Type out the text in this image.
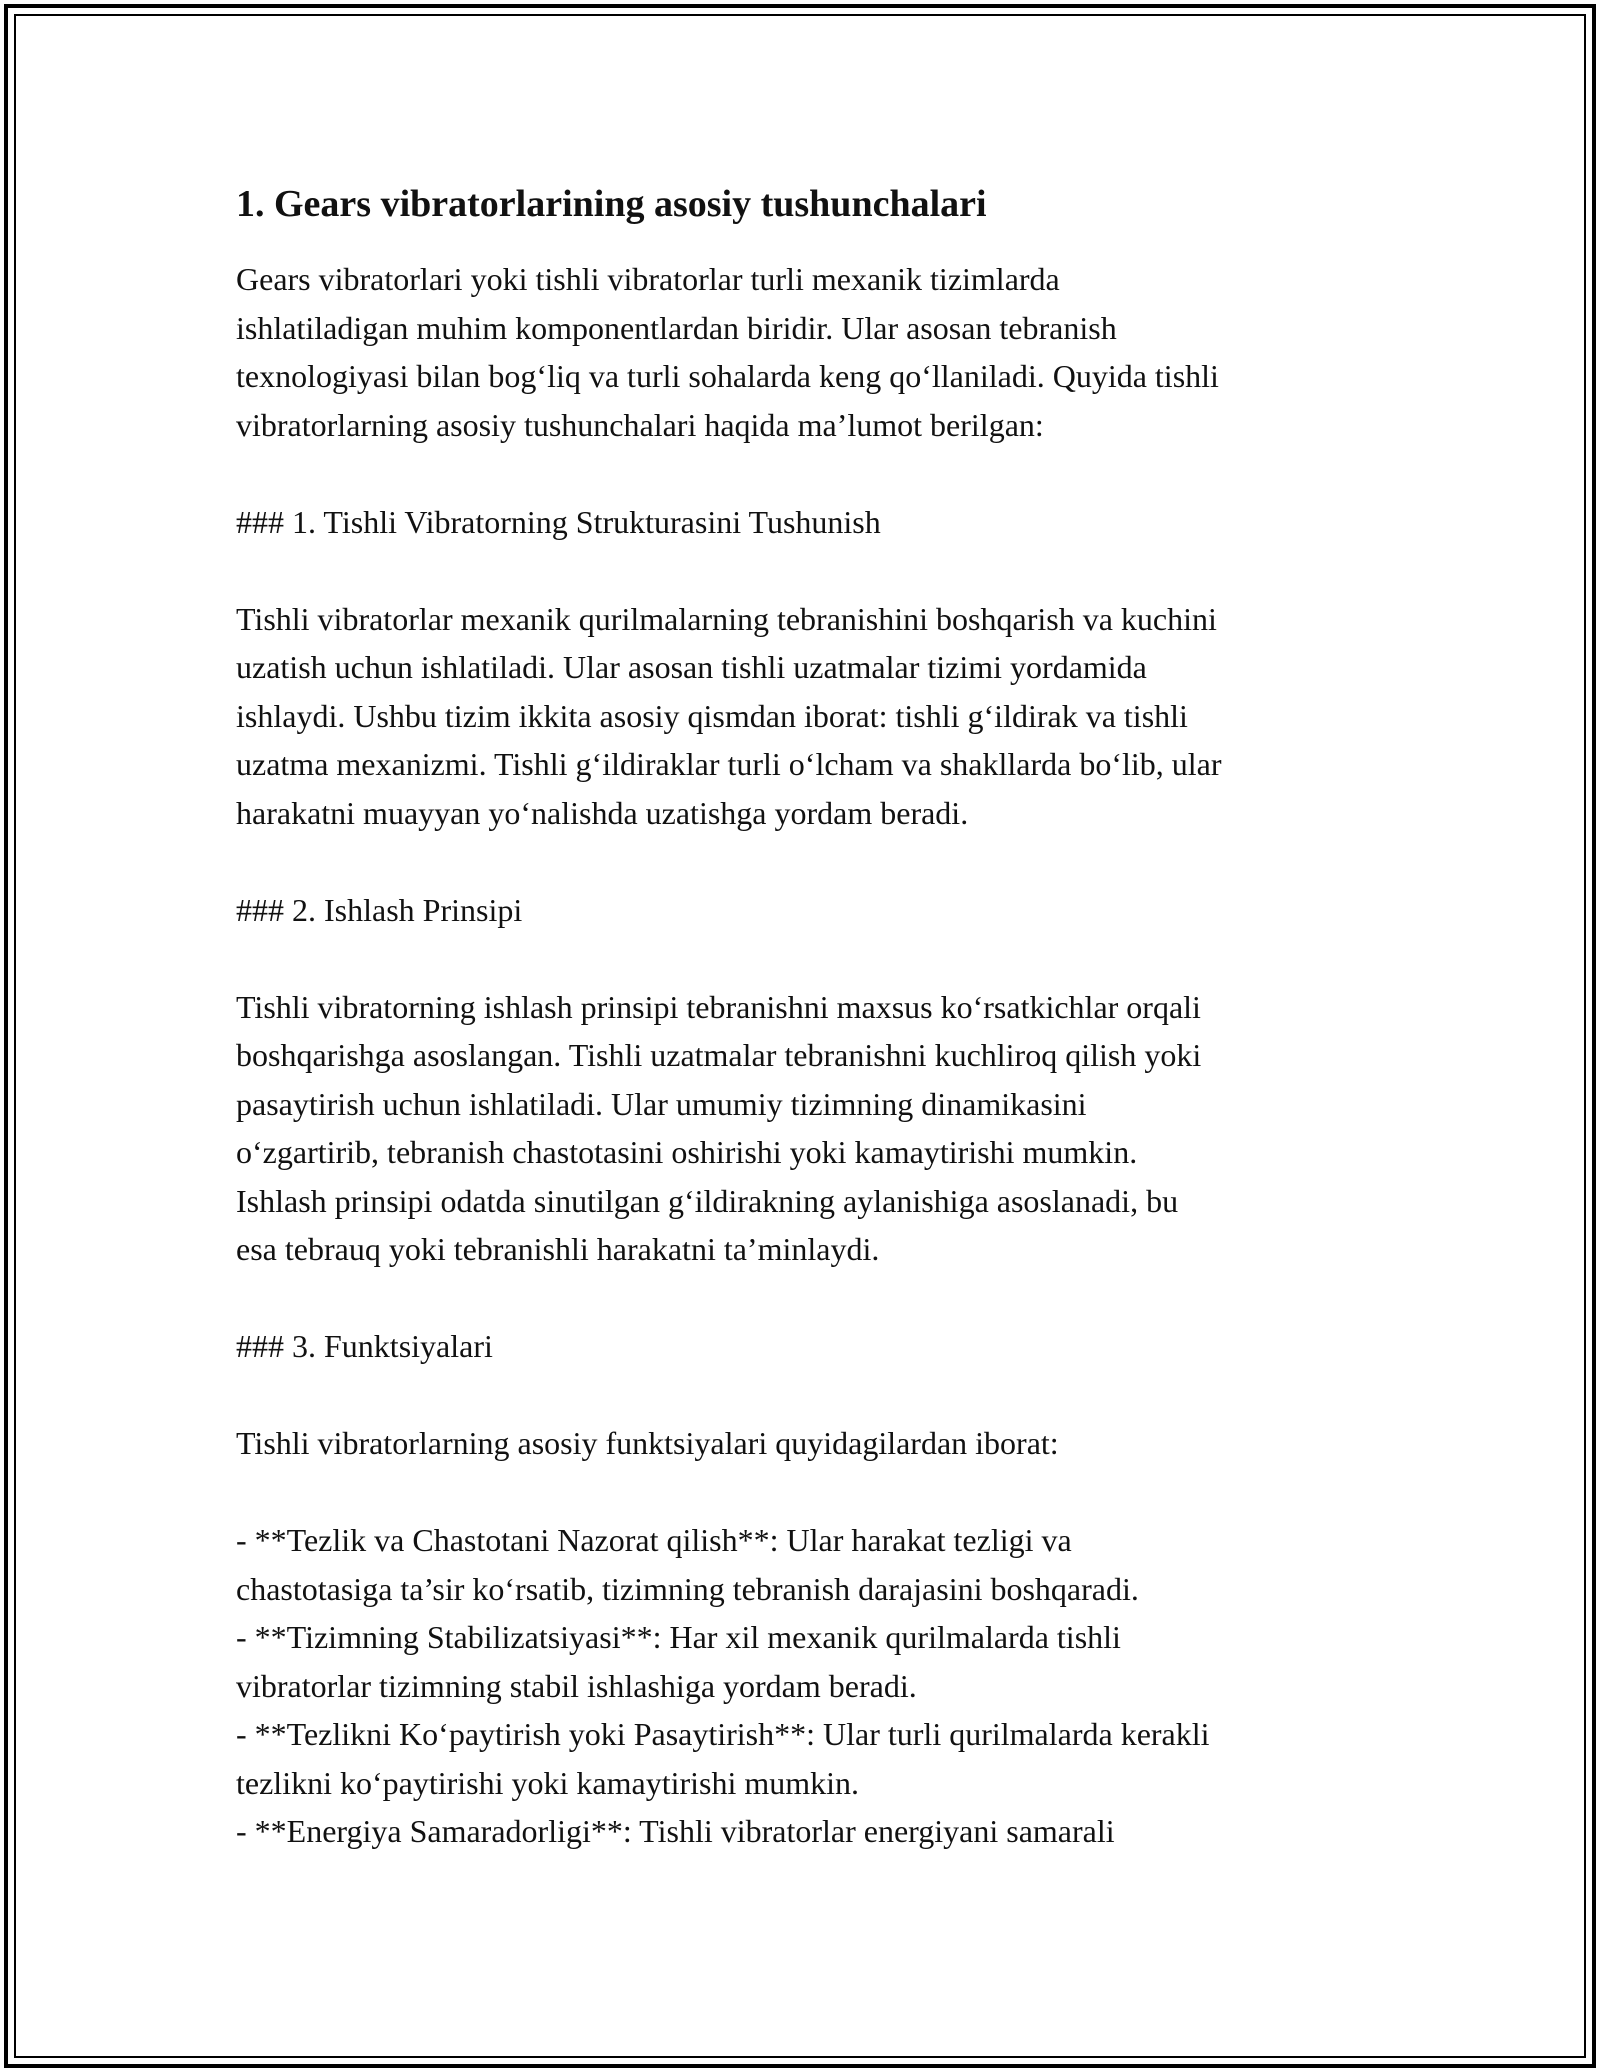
1. Gears vibratorlarining asosiy tushunchalari
Gears vibratorlari yoki tishli vibratorlar turli mexanik tizimlarda
ishlatiladigan muhim komponentlardan biridir. Ular asosan tebranish
texnologiyasi bilan bog‘liq va turli sohalarda keng qo‘llaniladi. Quyida tishli
vibratorlarning asosiy tushunchalari haqida ma’lumot berilgan:
### 1. Tishli Vibratorning Strukturasini Tushunish
Tishli vibratorlar mexanik qurilmalarning tebranishini boshqarish va kuchini
uzatish uchun ishlatiladi. Ular asosan tishli uzatmalar tizimi yordamida
ishlaydi. Ushbu tizim ikkita asosiy qismdan iborat: tishli g‘ildirak va tishli
uzatma mexanizmi. Tishli g‘ildiraklar turli o‘lcham va shakllarda bo‘lib, ular
harakatni muayyan yo‘nalishda uzatishga yordam beradi.
### 2. Ishlash Prinsipi
Tishli vibratorning ishlash prinsipi tebranishni maxsus ko‘rsatkichlar orqali
boshqarishga asoslangan. Tishli uzatmalar tebranishni kuchliroq qilish yoki
pasaytirish uchun ishlatiladi. Ular umumiy tizimning dinamikasini
o‘zgartirib, tebranish chastotasini oshirishi yoki kamaytirishi mumkin.
Ishlash prinsipi odatda sinutilgan g‘ildirakning aylanishiga asoslanadi, bu
esa tebrauq yoki tebranishli harakatni ta’minlaydi.
### 3. Funktsiyalari
Tishli vibratorlarning asosiy funktsiyalari quyidagilardan iborat:
- **Tezlik va Chastotani Nazorat qilish**: Ular harakat tezligi va
chastotasiga ta’sir ko‘rsatib, tizimning tebranish darajasini boshqaradi.
- **Tizimning Stabilizatsiyasi**: Har xil mexanik qurilmalarda tishli
vibratorlar tizimning stabil ishlashiga yordam beradi.
- **Tezlikni Ko‘paytirish yoki Pasaytirish**: Ular turli qurilmalarda kerakli
tezlikni ko‘paytirishi yoki kamaytirishi mumkin.
- **Energiya Samaradorligi**: Tishli vibratorlar energiyani samarali
